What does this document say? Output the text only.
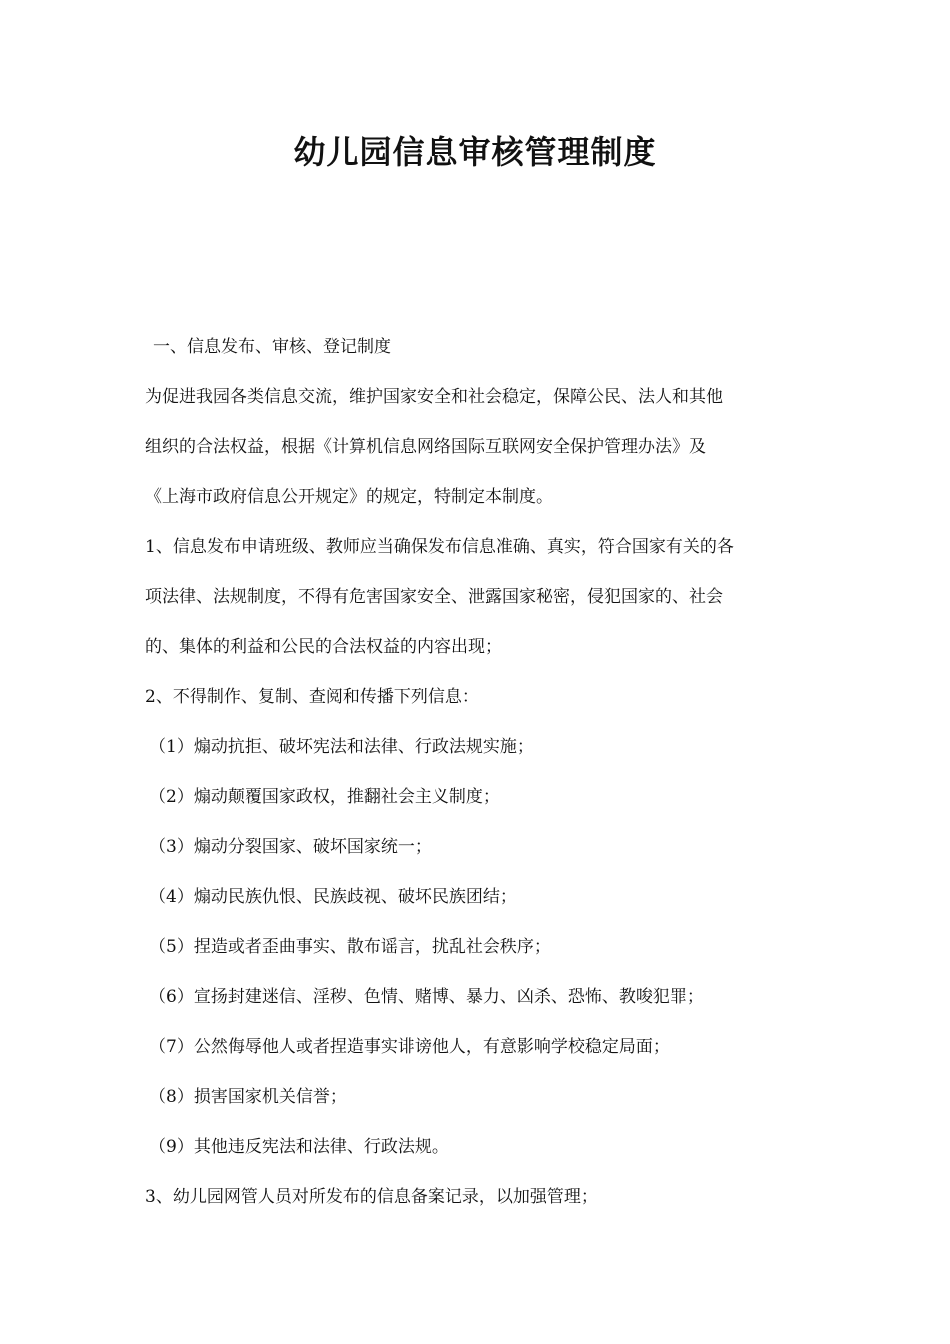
幼儿园信息审核管理制度

一、信息发布、审核、登记制度

为促进我园各类信息交流，维护国家安全和社会稳定，保障公民、法人和其他

组织的合法权益，根据《计算机信息网络国际互联网安全保护管理办法》及

《上海市政府信息公开规定》的规定，特制定本制度。

1、信息发布申请班级、教师应当确保发布信息准确、真实，符合国家有关的各

项法律、法规制度，不得有危害国家安全、泄露国家秘密，侵犯国家的、社会

的、集体的利益和公民的合法权益的内容出现；

2、不得制作、复制、查阅和传播下列信息：

（1）煽动抗拒、破坏宪法和法律、行政法规实施；

（2）煽动颠覆国家政权，推翻社会主义制度；

（3）煽动分裂国家、破坏国家统一；

（4）煽动民族仇恨、民族歧视、破坏民族团结；

（5）捏造或者歪曲事实、散布谣言，扰乱社会秩序；

（6）宣扬封建迷信、淫秽、色情、赌博、暴力、凶杀、恐怖、教唆犯罪；

（7）公然侮辱他人或者捏造事实诽谤他人，有意影响学校稳定局面；

（8）损害国家机关信誉；

（9）其他违反宪法和法律、行政法规。

3、幼儿园网管人员对所发布的信息备案记录，以加强管理；
